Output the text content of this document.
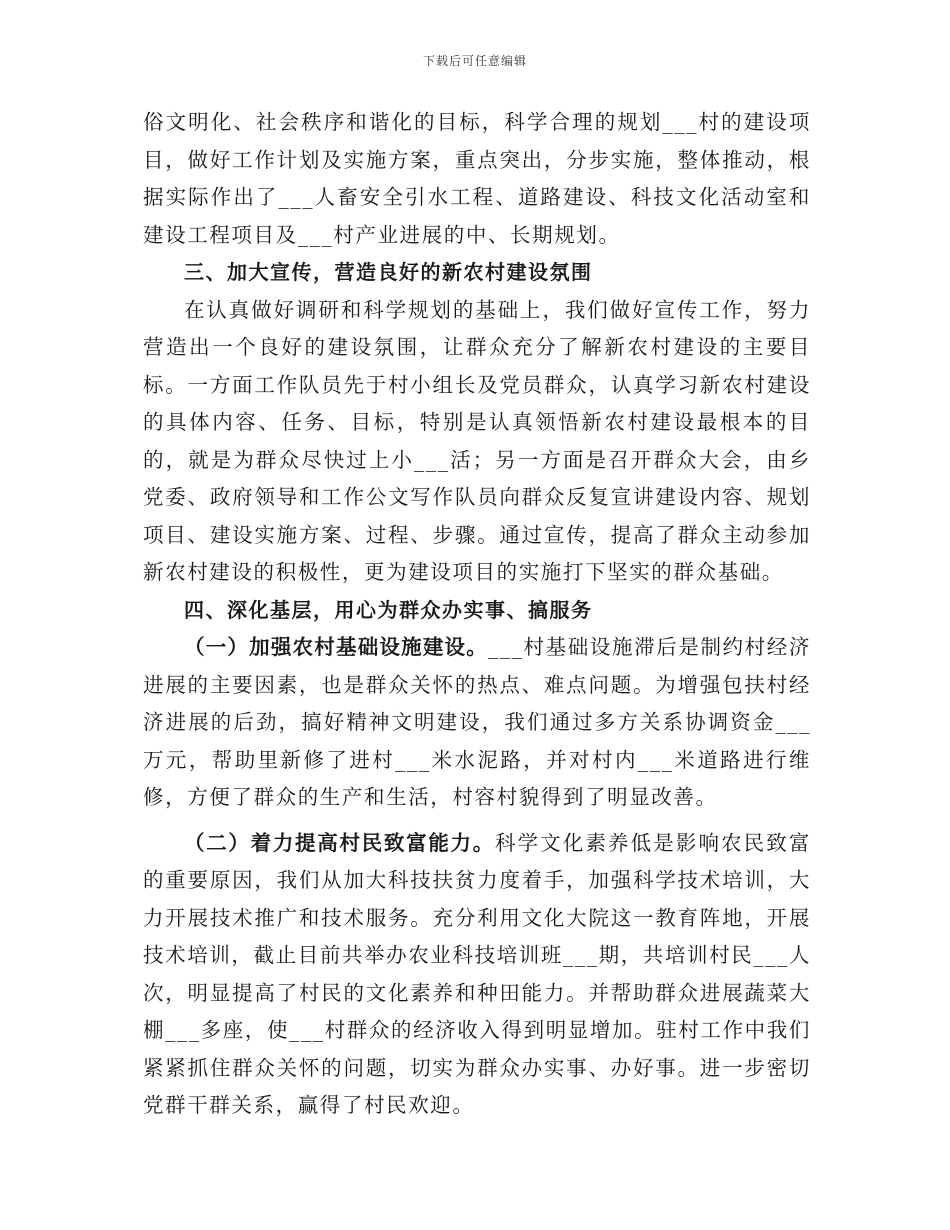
下载后可任意编辑

俗文明化、社会秩序和谐化的目标，科学合理的规划___村的建设项目，做好工作计划及实施方案，重点突出，分步实施，整体推动，根据实际作出了___人畜安全引水工程、道路建设、科技文化活动室和建设工程项目及___村产业进展的中、长期规划。

三、加大宣传，营造良好的新农村建设氛围

在认真做好调研和科学规划的基础上，我们做好宣传工作，努力营造出一个良好的建设氛围，让群众充分了解新农村建设的主要目标。一方面工作队员先于村小组长及党员群众，认真学习新农村建设的具体内容、任务、目标，特别是认真领悟新农村建设最根本的目的，就是为群众尽快过上小___活；另一方面是召开群众大会，由乡党委、政府领导和工作公文写作队员向群众反复宣讲建设内容、规划项目、建设实施方案、过程、步骤。通过宣传，提高了群众主动参加新农村建设的积极性，更为建设项目的实施打下坚实的群众基础。

四、深化基层，用心为群众办实事、搞服务

（一）加强农村基础设施建设。___村基础设施滞后是制约村经济进展的主要因素，也是群众关怀的热点、难点问题。为增强包扶村经济进展的后劲，搞好精神文明建设，我们通过多方关系协调资金___万元，帮助里新修了进村___米水泥路，并对村内___米道路进行维修，方便了群众的生产和生活，村容村貌得到了明显改善。

（二）着力提高村民致富能力。科学文化素养低是影响农民致富的重要原因，我们从加大科技扶贫力度着手，加强科学技术培训，大力开展技术推广和技术服务。充分利用文化大院这一教育阵地，开展技术培训，截止目前共举办农业科技培训班___期，共培训村民___人次，明显提高了村民的文化素养和种田能力。并帮助群众进展蔬菜大棚___多座，使___村群众的经济收入得到明显增加。驻村工作中我们紧紧抓住群众关怀的问题，切实为群众办实事、办好事。进一步密切党群干群关系，赢得了村民欢迎。
